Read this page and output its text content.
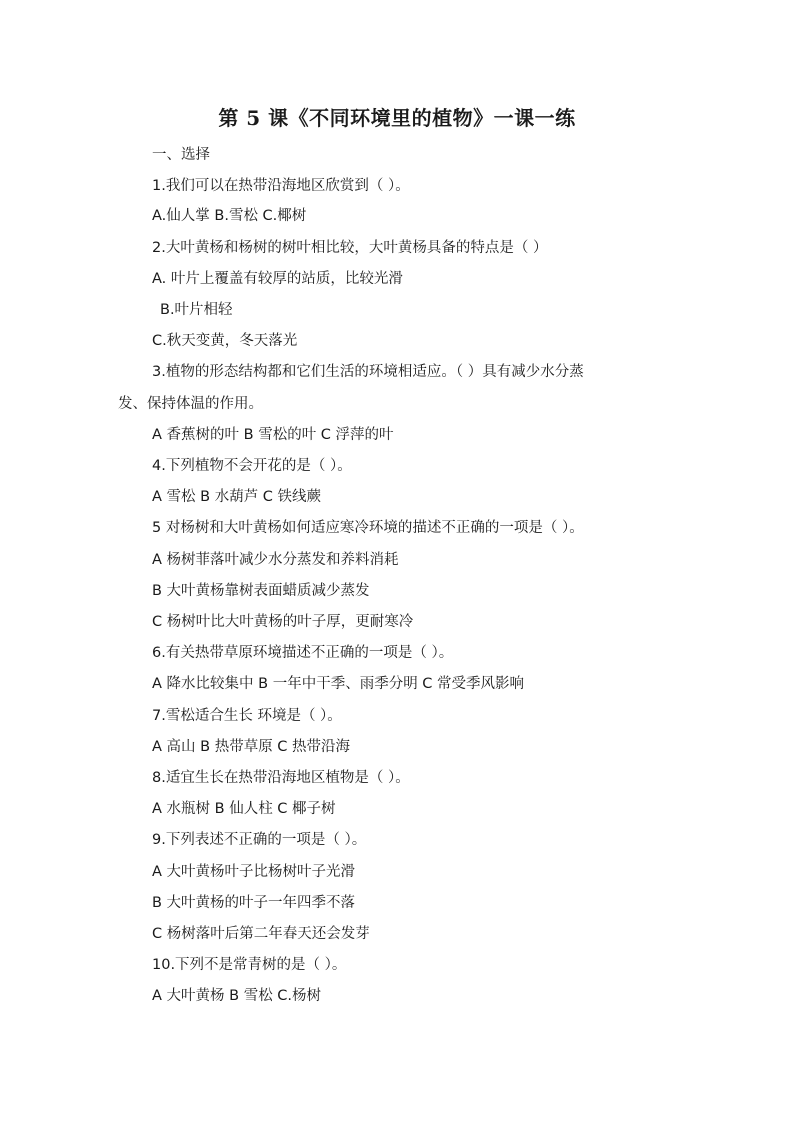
第 5 课《不同环境里的植物》一课一练
一、选择
1.我们可以在热带沿海地区欣赏到（ ）。
A.仙人掌 B.雪松 C.椰树
2.大叶黄杨和杨树的树叶相比较，大叶黄杨具备的特点是（ ）
A. 叶片上覆盖有较厚的站质，比较光滑
B.叶片相轻
C.秋天变黄，冬天落光
3.植物的形态结构都和它们生活的环境相适应。（ ）具有减少水分蒸
发、保持体温的作用。
A 香蕉树的叶 B 雪松的叶 C 浮萍的叶
4.下列植物不会开花的是（ ）。
A 雪松 B 水葫芦 C 铁线蕨
5 对杨树和大叶黄杨如何适应寒冷环境的描述不正确的一项是（ ）。
A 杨树菲落叶减少水分蒸发和养料消耗
B 大叶黄杨靠树表面蜡质减少蒸发
C 杨树叶比大叶黄杨的叶子厚，更耐寒冷
6.有关热带草原环境描述不正确的一项是（ ）。
A 降水比较集中 B 一年中干季、雨季分明 C 常受季风影响
7.雪松适合生长 环境是（ ）。
A 高山 B 热带草原 C 热带沿海
8.适宜生长在热带沿海地区植物是（ ）。
A 水瓶树 B 仙人柱 C 椰子树
9.下列表述不正确的一项是（ ）。
A 大叶黄杨叶子比杨树叶子光滑
B 大叶黄杨的叶子一年四季不落
C 杨树落叶后第二年春天还会发芽
10.下列不是常青树的是（ ）。
A 大叶黄杨 B 雪松 C.杨树
